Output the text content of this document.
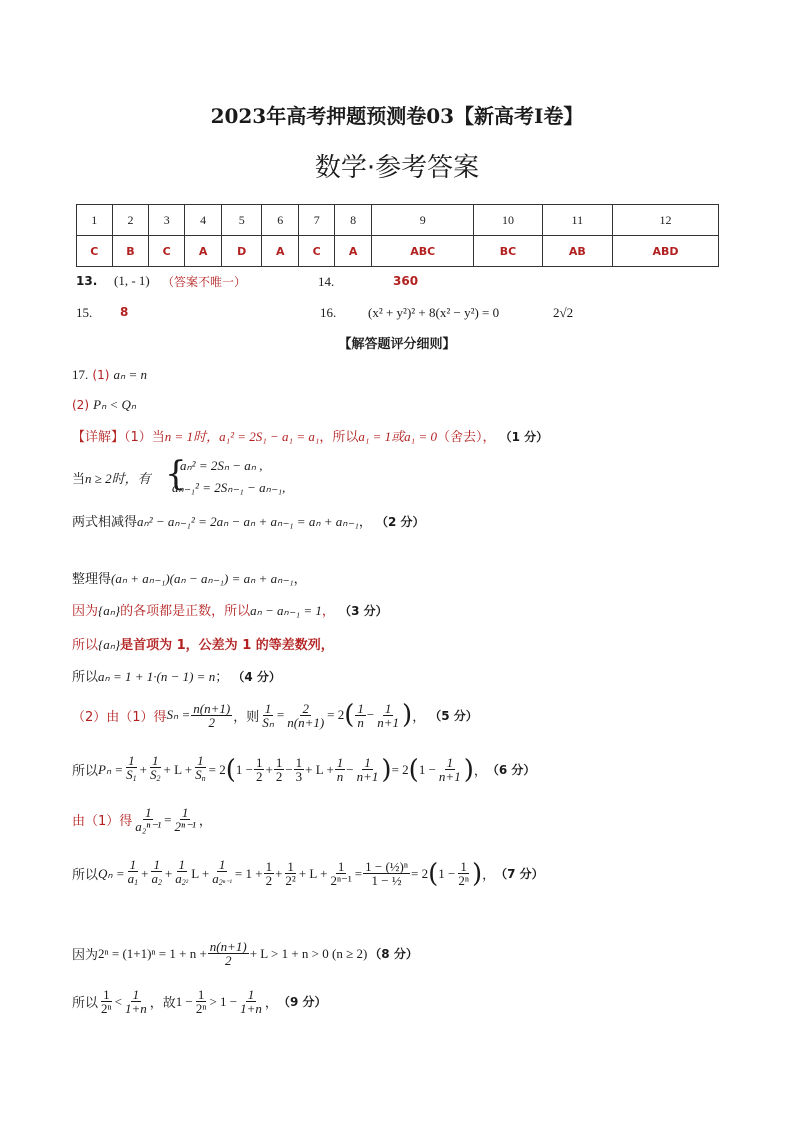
2023年高考押题预测卷03【新高考Ⅰ卷】
数学·参考答案
1	2	3	4	5	6	7	8	9	10	11	12
C	B	C	A	D	A	C	A	ABC	BC	AB	ABD
13. (1, - 1) （答案不唯一）	14.	360
15. 8	16. (x² + y²)² + 8(x² − y²) = 0	2√2
【解答题评分细则】
17. (1) aₙ = n
(2) Pₙ < Qₙ
【详解】（1）当n = 1时，a₁² = 2S₁ − a₁ = a₁，所以a₁ = 1或a₁ = 0（舍去）， （1 分）
当n ≥ 2时，有 {
aₙ² = 2Sₙ − aₙ ,
aₙ₋₁² = 2Sₙ₋₁ − aₙ₋₁,
两式相减得aₙ² − aₙ₋₁² = 2aₙ − aₙ + aₙ₋₁ = aₙ + aₙ₋₁， （2 分）
整理得(aₙ + aₙ₋₁)(aₙ − aₙ₋₁) = aₙ + aₙ₋₁，
因为{aₙ}的各项都是正数，所以aₙ − aₙ₋₁ = 1， （3 分）
所以{aₙ}是首项为 1，公差为 1 的等差数列，
所以aₙ = 1 + 1·(n − 1) = n； （4 分）
（2）由（1）得 $S_n = \frac{n(n+1)}{2}$ ，则 $\frac{1}{\text{Sₙ}} = \frac{2}{n(n+1)} = 2$ ( $\frac{1}{n} - \frac{1}{n+1}$ ) ， （5 分）
所以 $P_n = \frac{1}{S_1} + \frac{1}{S_2} + L + \frac{1}{S_n} = 2$ ( $1 - \frac{1}{2} + \frac{1}{2} - \frac{1}{3} + L + \frac{1}{n} - \frac{1}{n+1}$ ) = 2 ( $1 - \frac{1}{n+1}$ ) ， （6 分）
由（1）得 $\frac{1}{\text{a₂ⁿ⁻¹}} = \frac{1}{\text{2ⁿ⁻¹}}$ ，
所以 $Q_n = \frac{1}{a_1} + \frac{1}{a_2} + \frac{1}{a_{2^2}}$ $L + \frac{1}{a_{2^{n-1}}} = 1 + \frac{1}{2} + \frac{1}{\text{2²}} + L + \frac{1}{\text{2ⁿ⁻¹}} = \frac{\text{1 − (½)ⁿ}}{\text{1 − ½}} = 2$ ( $1 - \frac{1}{\text{2ⁿ}}$ ) ， （7 分）
因为 $2^n = (1+1)^n = 1 + n + \frac{n(n+1)}{2} + L > 1 + n > 0$ (n ≥ 2) （8 分）
所以 $\frac{1}{\text{2ⁿ}} < \frac{1}{1+n}$ ，故 $1 - \frac{1}{\text{2ⁿ}} > 1 - \frac{1}{1+n}$ ， （9 分）
